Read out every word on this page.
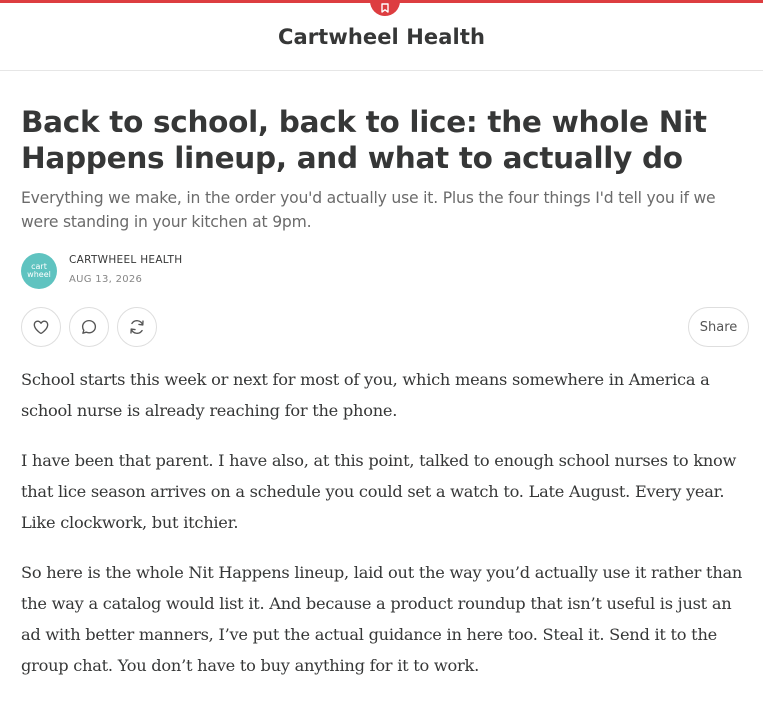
Cartwheel Health
Back to school, back to lice: the whole Nit Happens lineup, and what to actually do
Everything we make, in the order you'd actually use it. Plus the four things I'd tell you if we were standing in your kitchen at 9pm.
cart
wheel
CARTWHEEL HEALTH
AUG 13, 2026
Share

School starts this week or next for most of you, which means somewhere in America a school nurse is already reaching for the phone.

I have been that parent. I have also, at this point, talked to enough school nurses to know that lice season arrives on a schedule you could set a watch to. Late August. Every year. Like clockwork, but itchier.

So here is the whole Nit Happens lineup, laid out the way you’d actually use it rather than the way a catalog would list it. And because a product roundup that isn’t useful is just an ad with better manners, I’ve put the actual guidance in here too. Steal it. Send it to the group chat. You don’t have to buy anything for it to work.
